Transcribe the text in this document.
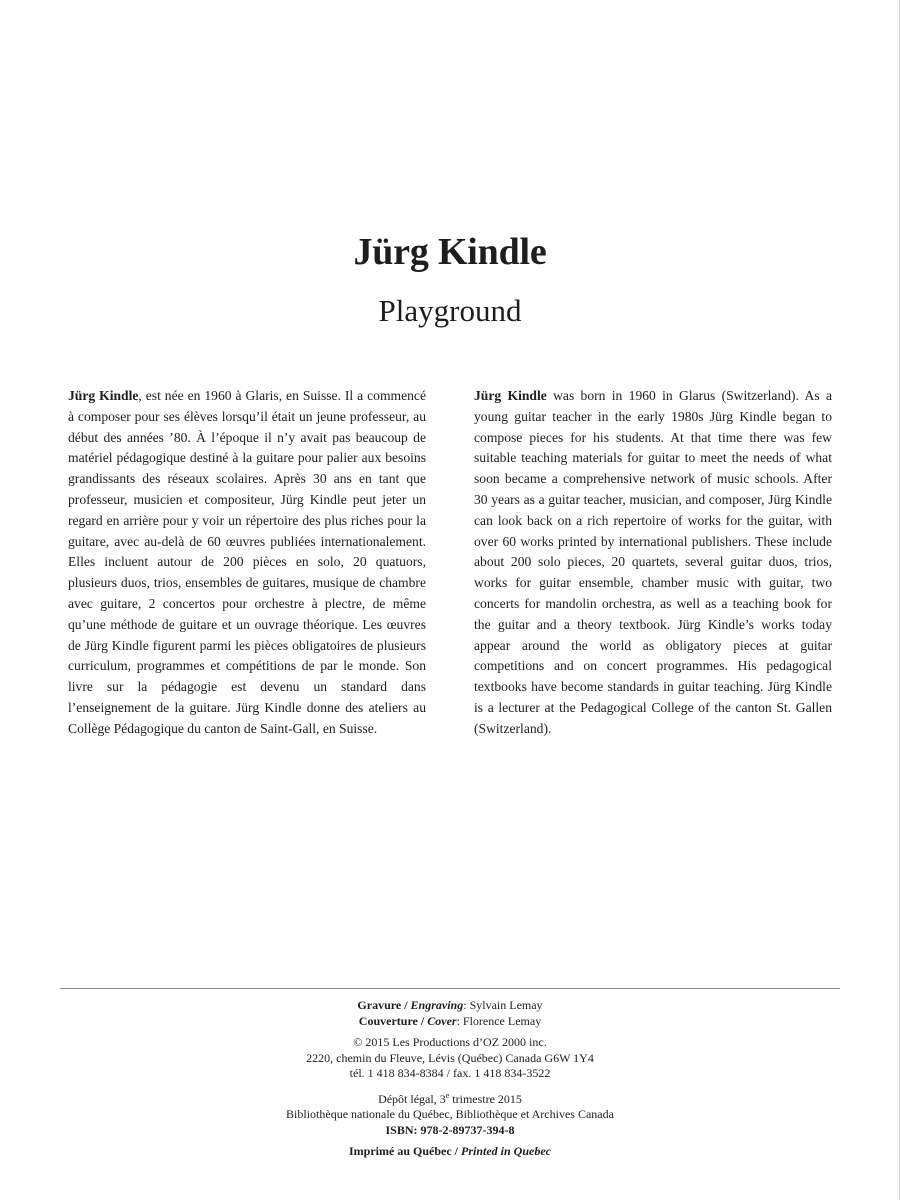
Jürg Kindle
Playground
Jürg Kindle, est née en 1960 à Glaris, en Suisse. Il a commencé à composer pour ses élèves lorsqu’il était un jeune professeur, au début des années ’80. À l’époque il n’y avait pas beaucoup de matériel pédagogique destiné à la guitare pour palier aux besoins grandissants des réseaux scolaires. Après 30 ans en tant que professeur, musicien et compositeur, Jürg Kindle peut jeter un regard en arrière pour y voir un répertoire des plus riches pour la guitare, avec au-delà de 60 œuvres publiées internationalement. Elles incluent autour de 200 pièces en solo, 20 quatuors, plusieurs duos, trios, ensembles de guitares, musique de chambre avec guitare, 2 concertos pour orchestre à plectre, de même qu’une méthode de guitare et un ouvrage théorique. Les œuvres de Jürg Kindle figurent parmi les pièces obligatoires de plusieurs curriculum, programmes et compétitions de par le monde. Son livre sur la pédagogie est devenu un standard dans l’enseignement de la guitare. Jürg Kindle donne des ateliers au Collège Pédagogique du canton de Saint-Gall, en Suisse.
Jürg Kindle was born in 1960 in Glarus (Switzerland). As a young guitar teacher in the early 1980s Jürg Kindle began to compose pieces for his students. At that time there was few suitable teaching materials for guitar to meet the needs of what soon became a comprehensive network of music schools. After 30 years as a guitar teacher, musician, and composer, Jürg Kindle can look back on a rich repertoire of works for the guitar, with over 60 works printed by international publishers. These include about 200 solo pieces, 20 quartets, several guitar duos, trios, works for guitar ensemble, chamber music with guitar, two concerts for mandolin orchestra, as well as a teaching book for the guitar and a theory textbook. Jürg Kindle’s works today appear around the world as obligatory pieces at guitar competitions and on concert programmes. His pedagogical textbooks have become standards in guitar teaching. Jürg Kindle is a lecturer at the Pedagogical College of the canton St. Gallen (Switzerland).
Gravure / Engraving: Sylvain Lemay
Couverture / Cover: Florence Lemay
© 2015 Les Productions d’OZ 2000 inc.
2220, chemin du Fleuve, Lévis (Québec) Canada G6W 1Y4
tél. 1 418 834-8384 / fax. 1 418 834-3522
Dépôt légal, 3e trimestre 2015
Bibliothèque nationale du Québec, Bibliothèque et Archives Canada
ISBN: 978-2-89737-394-8
Imprimé au Québec / Printed in Quebec
